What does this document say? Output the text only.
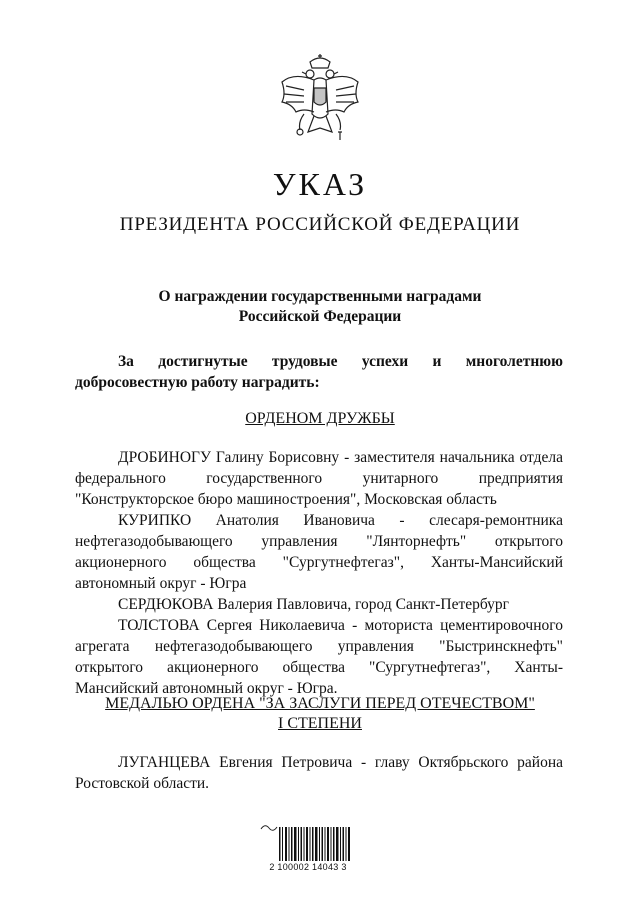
УКАЗ
ПРЕЗИДЕНТА РОССИЙСКОЙ ФЕДЕРАЦИИ
О награждении государственными наградами
Российской Федерации
За достигнутые трудовые успехи и многолетнюю добросовестную работу наградить:
ОРДЕНОМ ДРУЖБЫ

ДРОБИНОГУ Галину Борисовну - заместителя начальника отдела федерального государственного унитарного предприятия "Конструкторское бюро машиностроения", Московская область

КУРИПКО Анатолия Ивановича - слесаря-ремонтника нефтегазодобывающего управления "Лянторнефть" открытого акционерного общества "Сургутнефтегаз", Ханты-Мансийский автономный округ - Югра

СЕРДЮКОВА Валерия Павловича, город Санкт-Петербург

ТОЛСТОВА Сергея Николаевича - моториста цементировочного агрегата нефтегазодобывающего управления "Быстринскнефть" открытого акционерного общества "Сургутнефтегаз", Ханты-Мансийский автономный округ - Югра.

МЕДАЛЬЮ ОРДЕНА "ЗА ЗАСЛУГИ ПЕРЕД ОТЕЧЕСТВОМ"
I СТЕПЕНИ

ЛУГАНЦЕВА Евгения Петровича - главу Октябрьского района Ростовской области.

2 100002 14043 3
